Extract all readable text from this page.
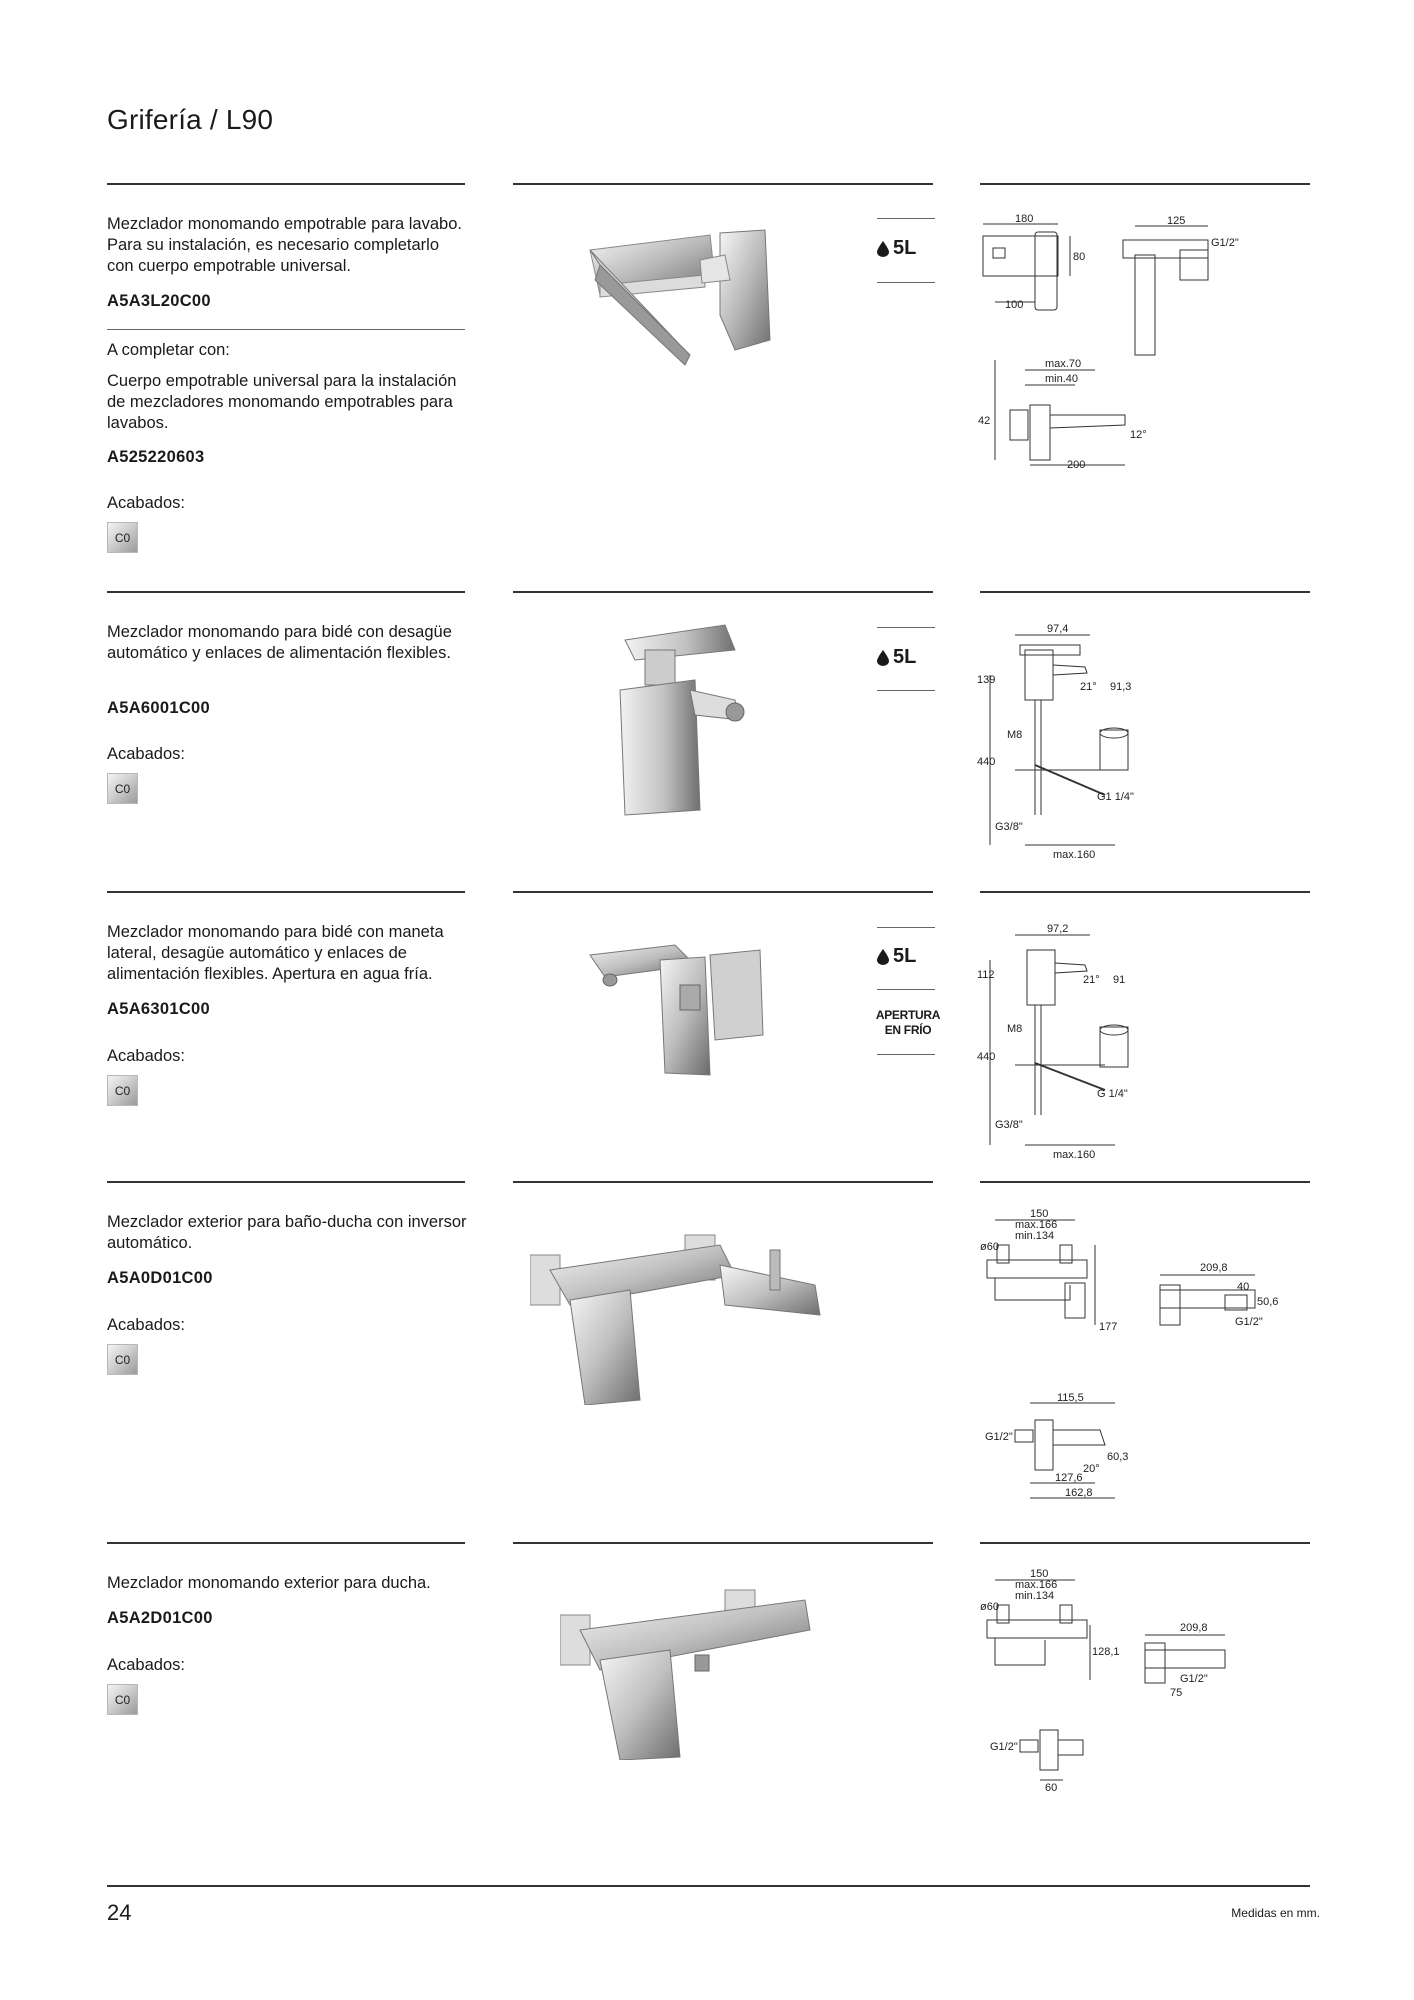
Grifería / L90
Mezclador monomando empotrable para lavabo. Para su instalación, es necesario completarlo con cuerpo empotrable universal.
A5A3L20C00
A completar con:
Cuerpo empotrable universal para la instalación de mezcladores monomando empotrables para lavabos.
A525220603
Acabados:
C0
5L
180
80
100
125
G1/2"
max.70
min.40
42
12°
200
Mezclador monomando para bidé con desagüe automático y enlaces de alimentación flexibles.
A5A6001C00
Acabados:
C0
5L
97,4
139
21° 91,3
M8
440
G1 1/4"
G3/8"
max.160
Mezclador monomando para bidé con maneta lateral, desagüe automático y enlaces de alimentación flexibles. Apertura en agua fría.
A5A6301C00
Acabados:
C0
5L
APERTURA
EN FRÍO
97,2
112	21° 91
M8
440
G 1/4"
G3/8"
max.160
Mezclador exterior para baño-ducha con inversor automático.
A5A0D01C00
Acabados:
C0
150
max.166
min.134
ø60
177
209,8
40
50,6
G1/2"
115,5
G1/2"
60,3
20°
127,6
162,8
Mezclador monomando exterior para ducha.
A5A2D01C00
Acabados:
C0
150
max.166
min.134
ø60
128,1
209,8
G1/2"
75
G1/2"
60
24	Medidas en mm.
